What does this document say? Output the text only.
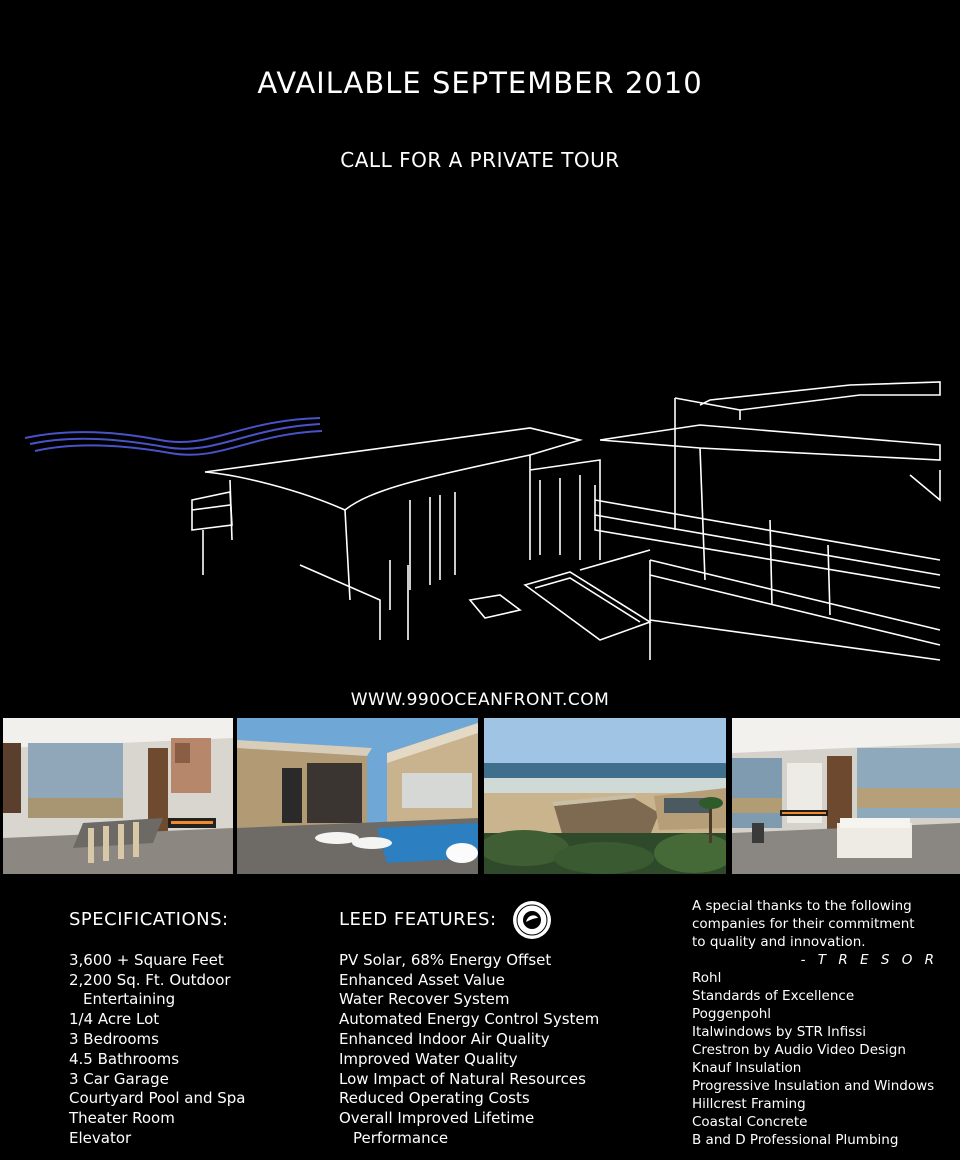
AVAILABLE SEPTEMBER 2010
CALL FOR A PRIVATE TOUR
WWW.990OCEANFRONT.COM
SPECIFICATIONS:
3,600 + Square Feet
2,200 Sq. Ft. Outdoor
Entertaining
1/4 Acre Lot
3 Bedrooms
4.5 Bathrooms
3 Car Garage
Courtyard Pool and Spa
Theater Room
Elevator
LEED FEATURES:
PV Solar, 68% Energy Offset
Enhanced Asset Value
Water Recover System
Automated Energy Control System
Enhanced Indoor Air Quality
Improved Water Quality
Low Impact of Natural Resources
Reduced Operating Costs
Overall Improved Lifetime
Performance
A special thanks to the following
companies for their commitment
to quality and innovation.
- T R E S O R
Rohl
Standards of Excellence
Poggenpohl
Italwindows by STR Infissi
Crestron by Audio Video Design
Knauf Insulation
Progressive Insulation and Windows
Hillcrest Framing
Coastal Concrete
B and D Professional Plumbing
